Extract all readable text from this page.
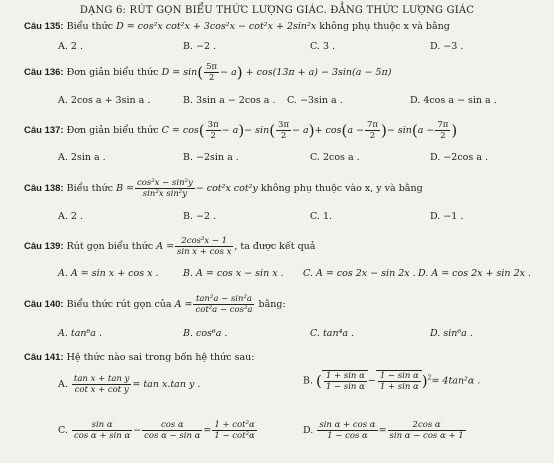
DẠNG 6: RÚT GỌN BIỂU THỨC LƯỢNG GIÁC. ĐẲNG THỨC LƯỢNG GIÁC
Câu 135: Biểu thức D = cos²x cot²x + 3cos²x − cot²x + 2sin²x không phụ thuộc x và bằng
A. 2 .	B. −2 .	C. 3 .	D. −3 .
Câu 136: Đơn giản biểu thức $D = \sin( \frac{5\pi}{2} - a) + \cos(13\pi + a) - 3\sin(a - 5\pi)$
A. 2cos a + 3sin a .	B. 3sin a − 2cos a . C. −3sin a .	D. 4cos a − sin a .
Câu 137: Đơn giản biểu thức $C = \cos( \frac{3\pi}{2} - a)- \sin( \frac{3\pi}{2} - a)+ \cos(a - \frac{7\pi}{2}$ )− $\sin(a - \frac{7\pi}{2}$ )
A. 2sin a .	B. −2sin a .	C. 2cos a .	D. −2cos a .
Câu 138: Biểu thức $B = \frac{\text{cos²x − sin²y}}{\text{sin²x sin²y}} - \cot^2x$ cot²y không phụ thuộc vào x, y và bằng
A. 2 .	B. −2 .	C. 1.	D. −1 .
Câu 139: Rút gọn biểu thức $A = \frac{\text{2cos²x − 1}}{\text{sin x + cos x}}$ , ta được kết quả
A. A = sin x + cos x .	B. A = cos x − sin x . C. A = cos 2x − sin 2x . D. A = cos 2x + sin 2x .
Câu 140: Biểu thức rút gọn của $A = \frac{\text{tan²a − sin²a}}{\text{cot²a − cos²a}}$ bằng:
A. tan⁶a .	B. cos⁶a .	C. tan⁴a .	D. sin⁶a .
Câu 141: Hệ thức nào sai trong bốn hệ thức sau:
A. $\frac{\text{tan x + tan y}}{\text{cot x + cot y}} = \tan x.\tan$ y .	B. ( $\frac{\text{1 + sin α}}{\text{1 − sin α}} - \frac{\text{1 − sin α}}{\text{1 + sin α}} )^2= 4\tan^2\alpha$ .
C. $\frac{\text{sin α}}{\text{cos α + sin α}} - \frac{\text{cos α}}{\text{cos α − sin α}} = \frac{\text{1 + cot²α}}{\text{1 − cot²α}}$	D. $\frac{\text{sin α + cos α}}{\text{1 − cos α}} = \frac{\text{2cos α}}{\text{sin α − cos α + 1}}$
